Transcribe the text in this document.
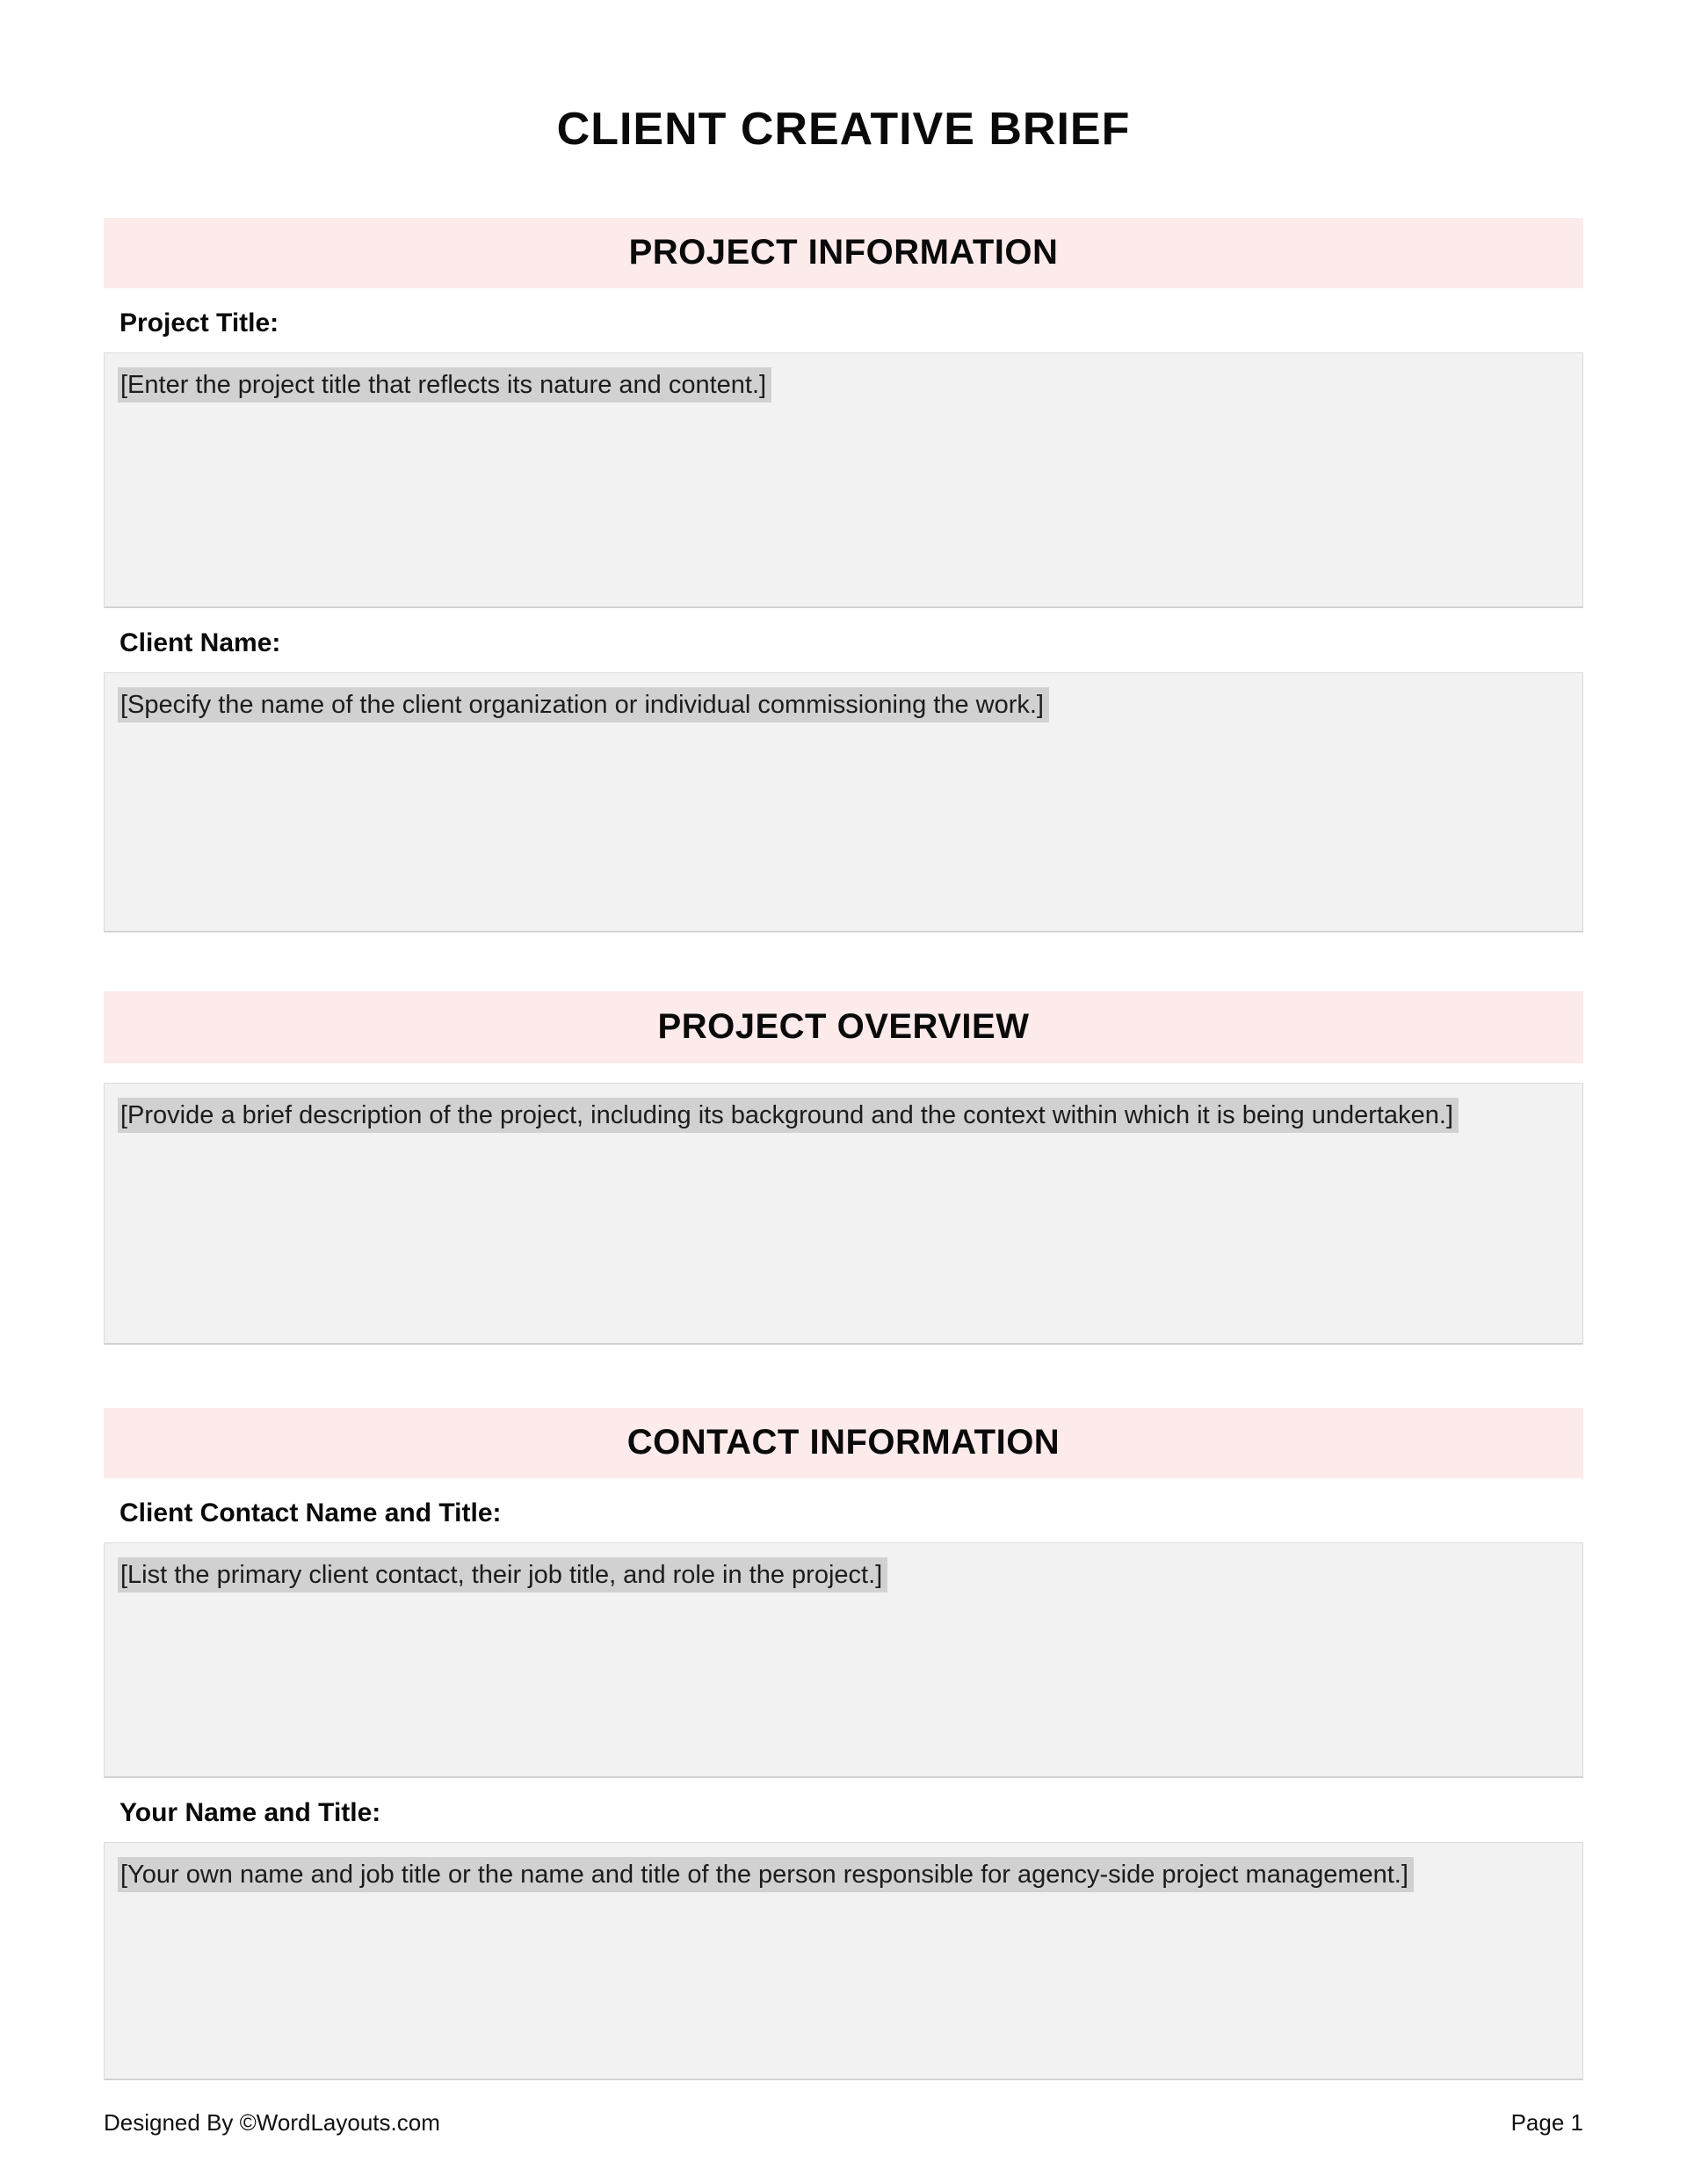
CLIENT CREATIVE BRIEF
PROJECT INFORMATION
Project Title:
[Enter the project title that reflects its nature and content.]
Client Name:
[Specify the name of the client organization or individual commissioning the work.]
PROJECT OVERVIEW
[Provide a brief description of the project, including its background and the context within which it is being undertaken.]
CONTACT INFORMATION
Client Contact Name and Title:
[List the primary client contact, their job title, and role in the project.]
Your Name and Title:
[Your own name and job title or the name and title of the person responsible for agency-side project management.]
Designed By ©WordLayouts.com	Page 1
